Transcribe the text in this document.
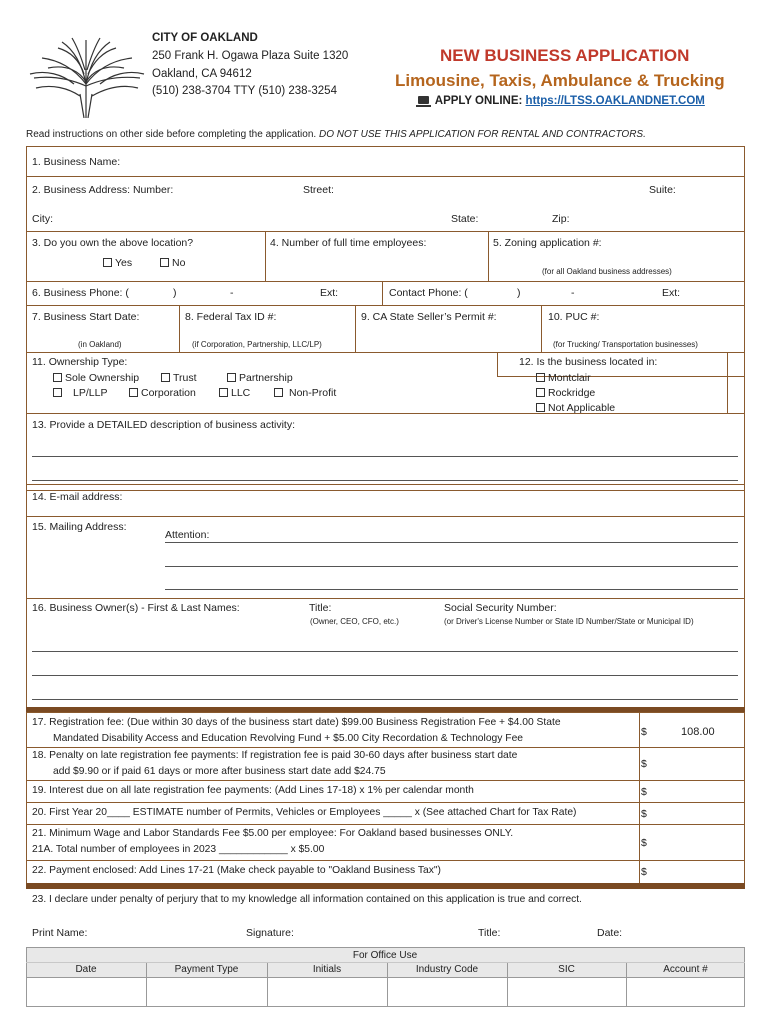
CITY OF OAKLAND
250 Frank H. Ogawa Plaza Suite 1320
Oakland, CA 94612
(510) 238-3704 TTY (510) 238-3254
NEW BUSINESS APPLICATION
Limousine, Taxis, Ambulance & Trucking
APPLY ONLINE: https://LTSS.OAKLANDNET.COM
Read instructions on other side before completing the application. DO NOT USE THIS APPLICATION FOR RENTAL AND CONTRACTORS.
1. Business Name:
2. Business Address: Number:	Street:	Suite:
City:	State:	Zip:
3. Do you own the above location?
Yes	No
4. Number of full time employees:	5. Zoning application #:
(for all Oakland business addresses)
6. Business Phone: (	)	-	Ext:	Contact Phone: (	)	-	Ext:
7. Business Start Date:
(in Oakland)
8. Federal Tax ID #:
(if Corporation, Partnership, LLC/LP)
9. CA State Seller’s Permit #:	10. PUC #:
(for Trucking/ Transportation businesses)
11. Ownership Type:
Sole Ownership	Trust	Partnership
LP/LLP	Corporation	LLC	Non-Profit
12. Is the business located in:
Montclair
Rockridge
Not Applicable
13. Provide a DETAILED description of business activity:
14. E-mail address:
15. Mailing Address:
Attention:
16. Business Owner(s) - First & Last Names:	Title:
(Owner, CEO, CFO, etc.)
Social Security Number:
(or Driver's License Number or State ID Number/State or Municipal ID)
17. Registration fee: (Due within 30 days of the business start date) $99.00 Business Registration Fee + $4.00 State
Mandated Disability Access and Education Revolving Fund + $5.00 City Recordation & Technology Fee
$	108.00
18. Penalty on late registration fee payments: If registration fee is paid 30-60 days after business start date
add $9.90 or if paid 61 days or more after business start date add $24.75
$
19. Interest due on all late registration fee payments: (Add Lines 17-18) x 1% per calendar month	$
20. First Year 20____ ESTIMATE number of Permits, Vehicles or Employees _____ x (See attached Chart for Tax Rate)	$
21. Minimum Wage and Labor Standards Fee $5.00 per employee: For Oakland based businesses ONLY.
21A. Total number of employees in 2023 ____________ x $5.00
$
22. Payment enclosed: Add Lines 17-21 (Make check payable to "Oakland Business Tax")	$
23. I declare under penalty of perjury that to my knowledge all information contained on this application is true and correct.
Print Name:	Signature:	Title:	Date:
For Office Use
Date	Payment Type	Initials	Industry Code	SIC	Account #
